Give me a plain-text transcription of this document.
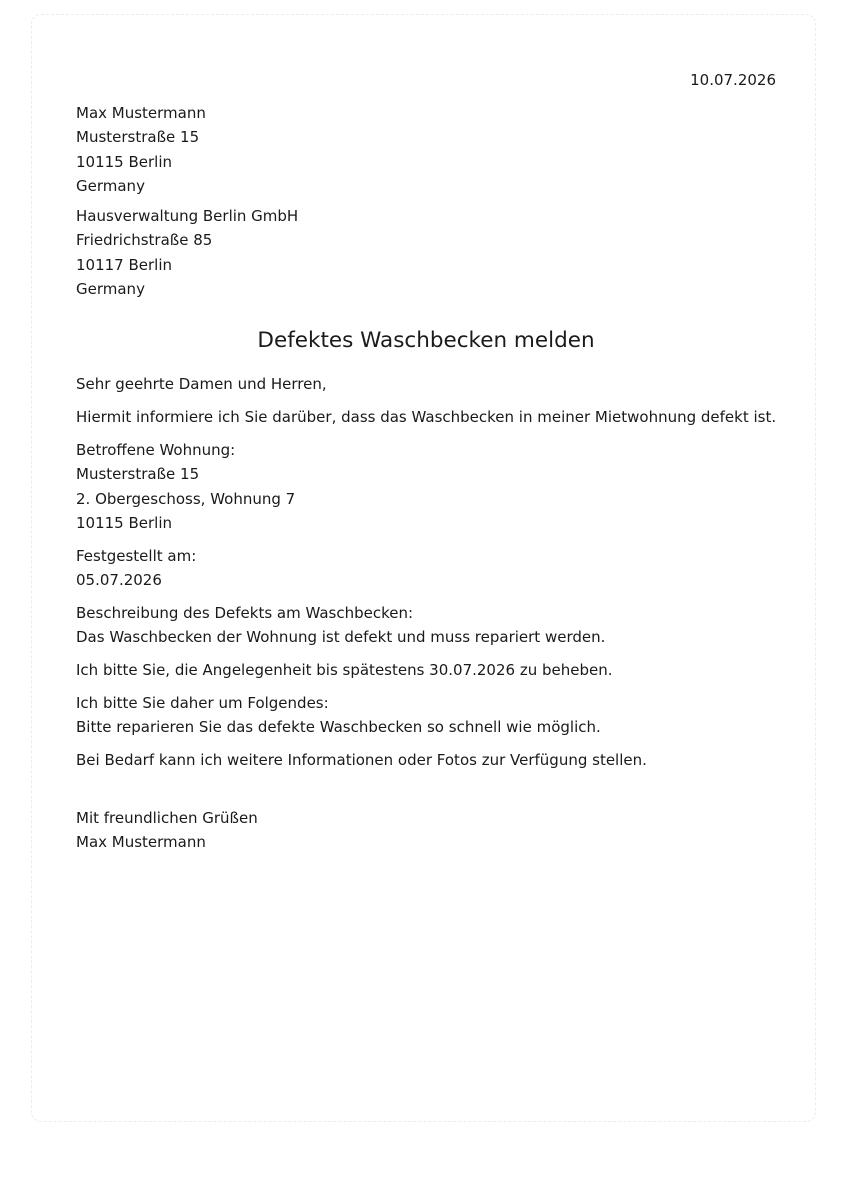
10.07.2026
Max Mustermann
Musterstraße 15
10115 Berlin
Germany
Hausverwaltung Berlin GmbH
Friedrichstraße 85
10117 Berlin
Germany
Defektes Waschbecken melden
Sehr geehrte Damen und Herren,
Hiermit informiere ich Sie darüber, dass das Waschbecken in meiner Mietwohnung defekt ist.
Betroffene Wohnung:
Musterstraße 15
2. Obergeschoss, Wohnung 7
10115 Berlin
Festgestellt am:
05.07.2026
Beschreibung des Defekts am Waschbecken:
Das Waschbecken der Wohnung ist defekt und muss repariert werden.
Ich bitte Sie, die Angelegenheit bis spätestens 30.07.2026 zu beheben.
Ich bitte Sie daher um Folgendes:
Bitte reparieren Sie das defekte Waschbecken so schnell wie möglich.
Bei Bedarf kann ich weitere Informationen oder Fotos zur Verfügung stellen.
Mit freundlichen Grüßen
Max Mustermann
